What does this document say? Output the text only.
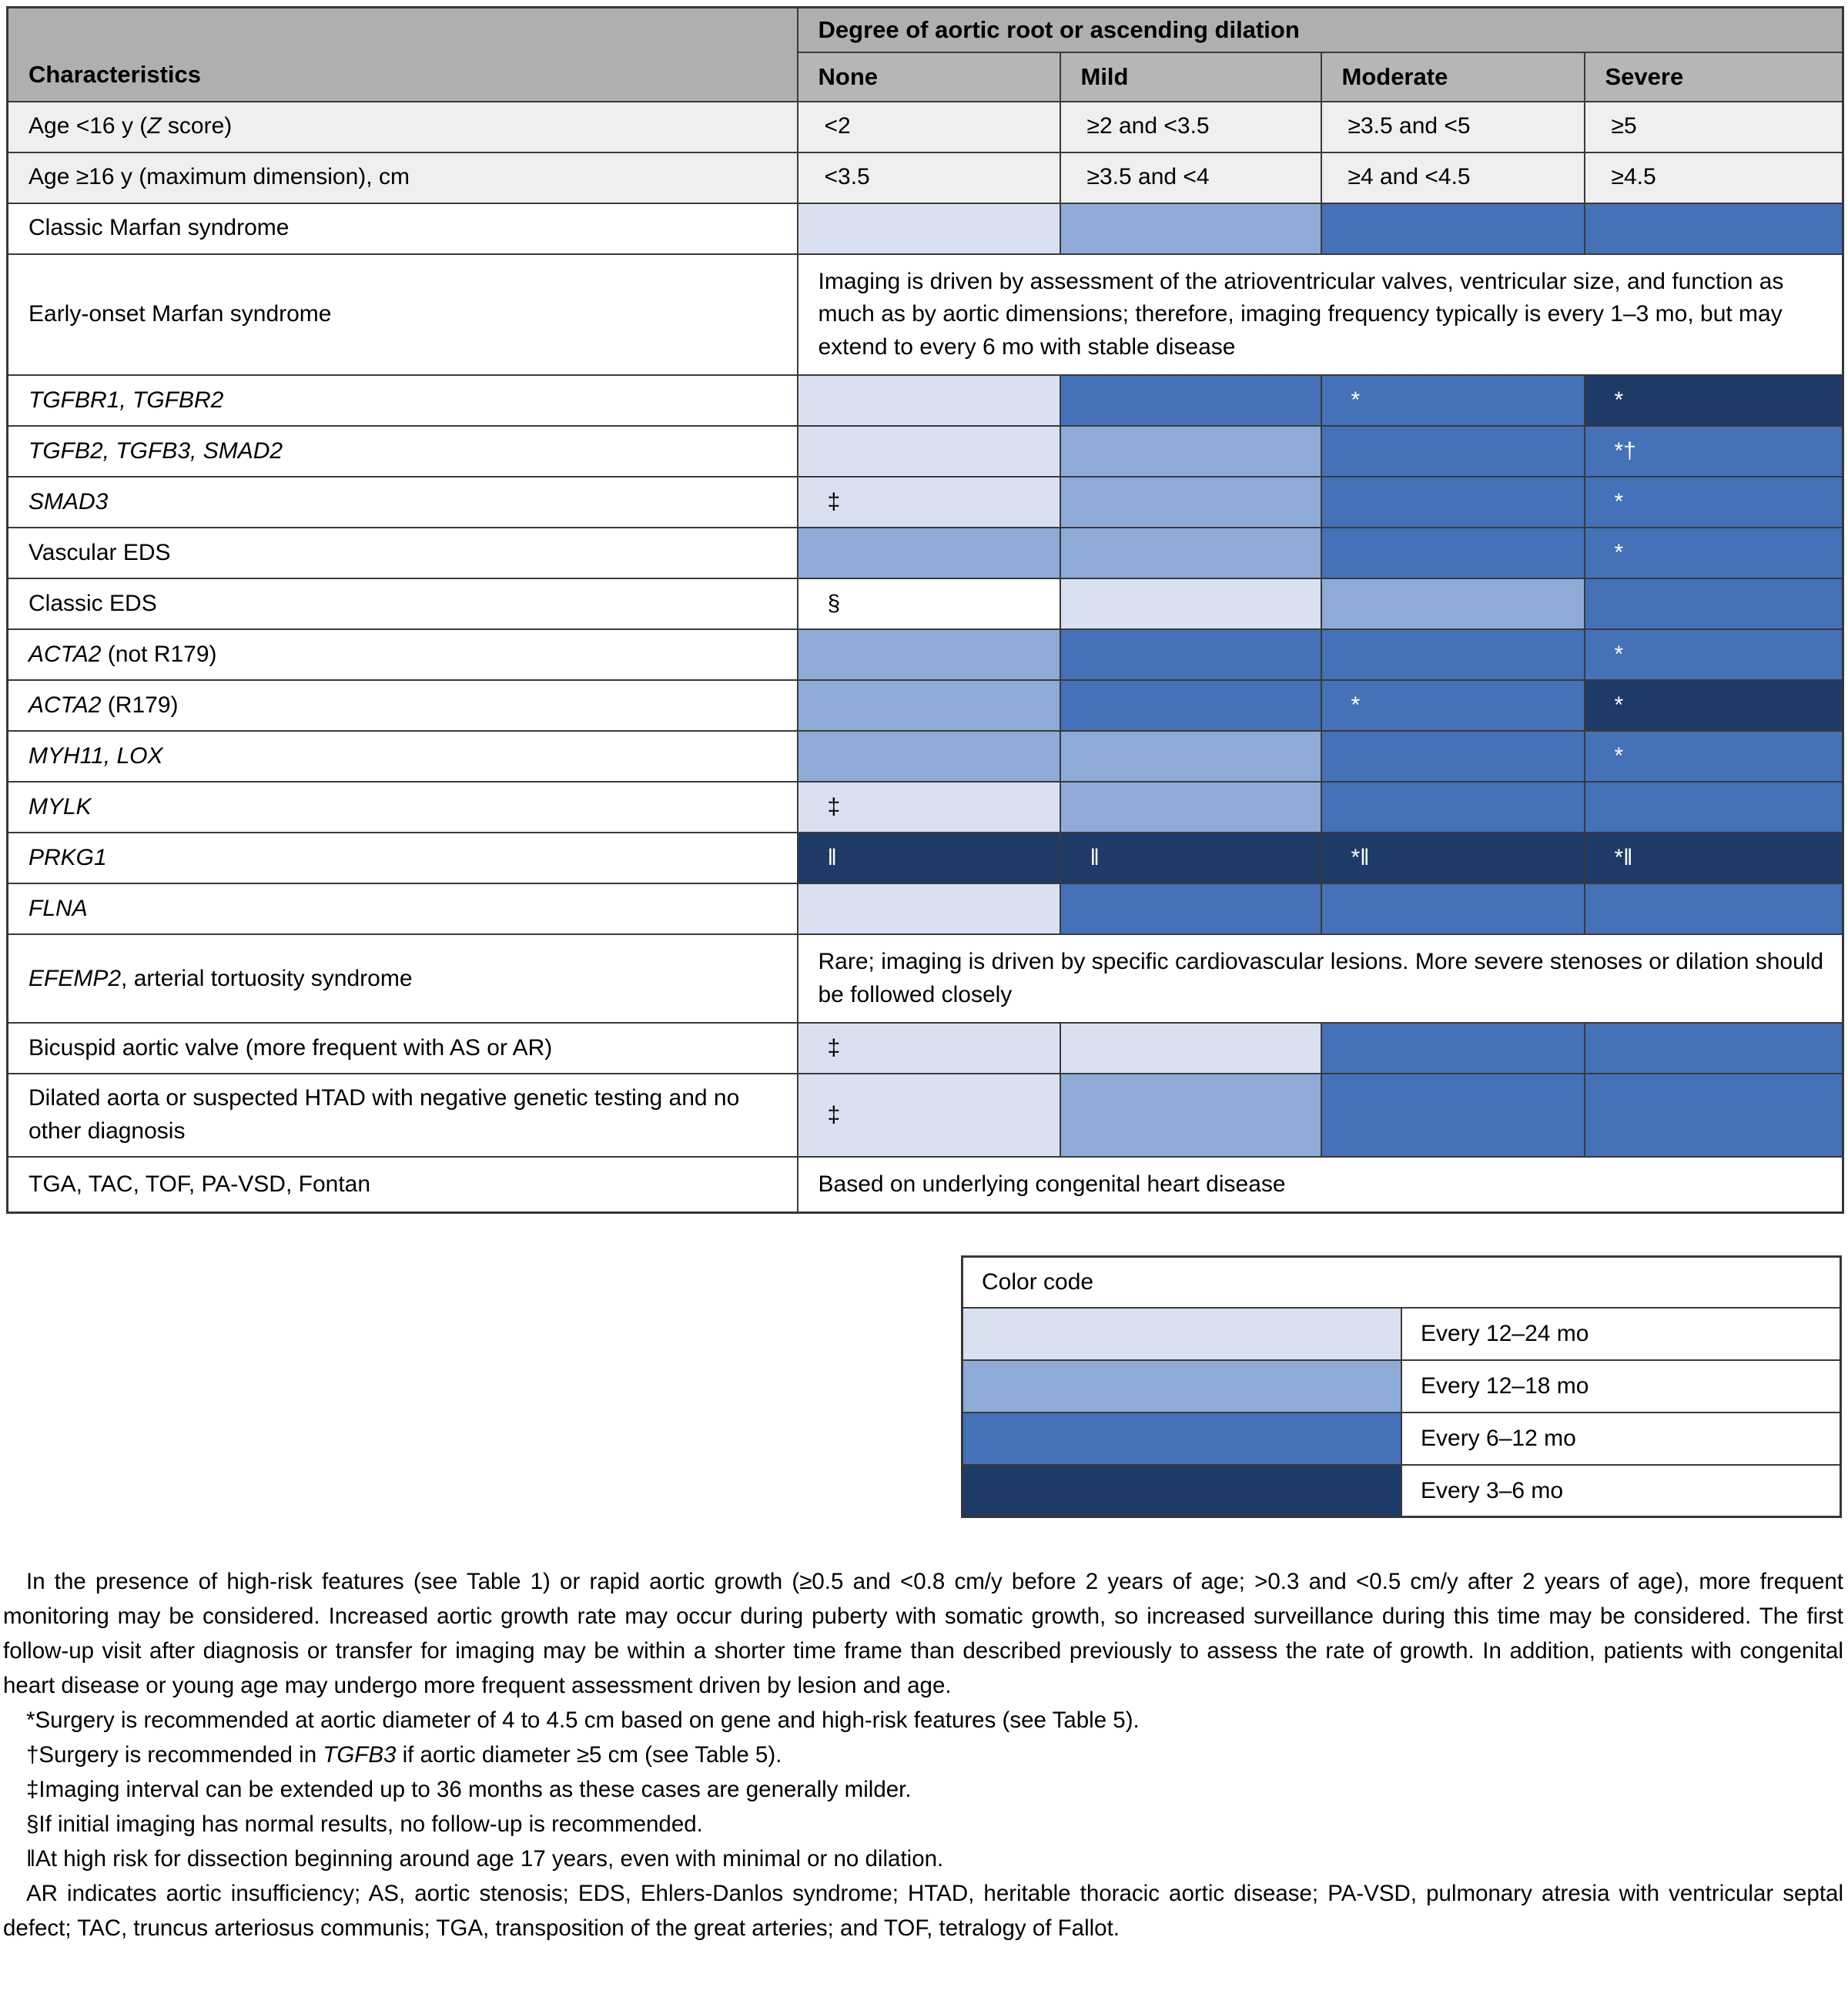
Characteristics	Degree of aortic root or ascending dilation			
	None	Mild	Moderate	Severe
Age <16 y (Z score)	<2	≥2 and <3.5	≥3.5 and <5	≥5
Age ≥16 y (maximum dimension), cm	<3.5	≥3.5 and <4	≥4 and <4.5	≥4.5
Classic Marfan syndrome				
Early-onset Marfan syndrome	Imaging is driven by assessment of the atrioventricular valves, ventricular size, and function as much as by aortic dimensions; therefore, imaging frequency typically is every 1–3 mo, but may extend to every 6 mo with stable disease			
TGFBR1, TGFBR2			*	*
TGFB2, TGFB3, SMAD2				*†
SMAD3	‡			*
Vascular EDS				*
Classic EDS	§			
ACTA2 (not R179)				*
ACTA2 (R179)			*	*
MYH11, LOX				*
MYLK	‡			
PRKG1	‖	‖	*‖	*‖
FLNA				
EFEMP2, arterial tortuosity syndrome	Rare; imaging is driven by specific cardiovascular lesions. More severe stenoses or dilation should be followed closely			
Bicuspid aortic valve (more frequent with AS or AR)	‡			
Dilated aorta or suspected HTAD with negative genetic testing and no other diagnosis	‡			
TGA, TAC, TOF, PA-VSD, Fontan	Based on underlying congenital heart disease			
Color code	
	Every 12–24 mo
	Every 12–18 mo
	Every 6–12 mo
	Every 3–6 mo

In the presence of high-risk features (see Table 1) or rapid aortic growth (≥0.5 and <0.8 cm/y before 2 years of age; >0.3 and <0.5 cm/y after 2 years of age), more frequent monitoring may be considered. Increased aortic growth rate may occur during puberty with somatic growth, so increased surveillance during this time may be considered. The first follow-up visit after diagnosis or transfer for imaging may be within a shorter time frame than described previously to assess the rate of growth. In addition, patients with congenital heart disease or young age may undergo more frequent assessment driven by lesion and age.

*Surgery is recommended at aortic diameter of 4 to 4.5 cm based on gene and high-risk features (see Table 5).

†Surgery is recommended in TGFB3 if aortic diameter ≥5 cm (see Table 5).

‡Imaging interval can be extended up to 36 months as these cases are generally milder.

§If initial imaging has normal results, no follow-up is recommended.

‖At high risk for dissection beginning around age 17 years, even with minimal or no dilation.

AR indicates aortic insufficiency; AS, aortic stenosis; EDS, Ehlers-Danlos syndrome; HTAD, heritable thoracic aortic disease; PA-VSD, pulmonary atresia with ventricular septal defect; TAC, truncus arteriosus communis; TGA, transposition of the great arteries; and TOF, tetralogy of Fallot.
